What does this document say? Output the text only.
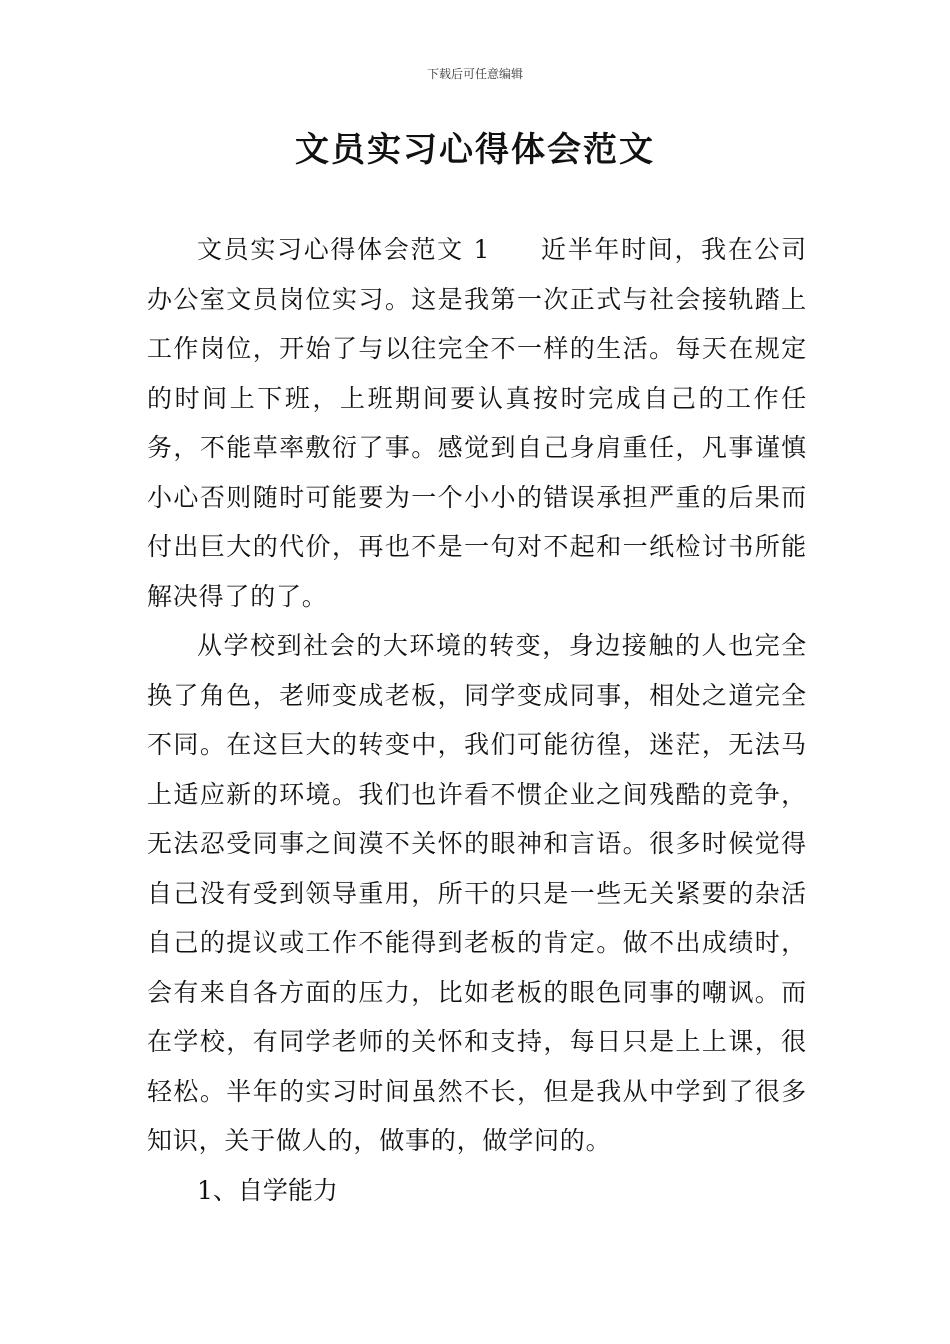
下载后可任意编辑
文员实习心得体会范文

文员实习心得体会范文 1 近半年时间，我在公司办公室文员岗位实习。这是我第一次正式与社会接轨踏上工作岗位，开始了与以往完全不一样的生活。每天在规定的时间上下班，上班期间要认真按时完成自己的工作任务，不能草率敷衍了事。感觉到自己身肩重任，凡事谨慎小心否则随时可能要为一个小小的错误承担严重的后果而付出巨大的代价，再也不是一句对不起和一纸检讨书所能解决得了的了。

从学校到社会的大环境的转变，身边接触的人也完全换了角色，老师变成老板，同学变成同事，相处之道完全不同。在这巨大的转变中，我们可能彷徨，迷茫，无法马上适应新的环境。我们也许看不惯企业之间残酷的竞争，无法忍受同事之间漠不关怀的眼神和言语。很多时候觉得自己没有受到领导重用，所干的只是一些无关紧要的杂活自己的提议或工作不能得到老板的肯定。做不出成绩时，会有来自各方面的压力，比如老板的眼色同事的嘲讽。而在学校，有同学老师的关怀和支持，每日只是上上课，很轻松。半年的实习时间虽然不长，但是我从中学到了很多知识，关于做人的，做事的，做学问的。

1、自学能力
